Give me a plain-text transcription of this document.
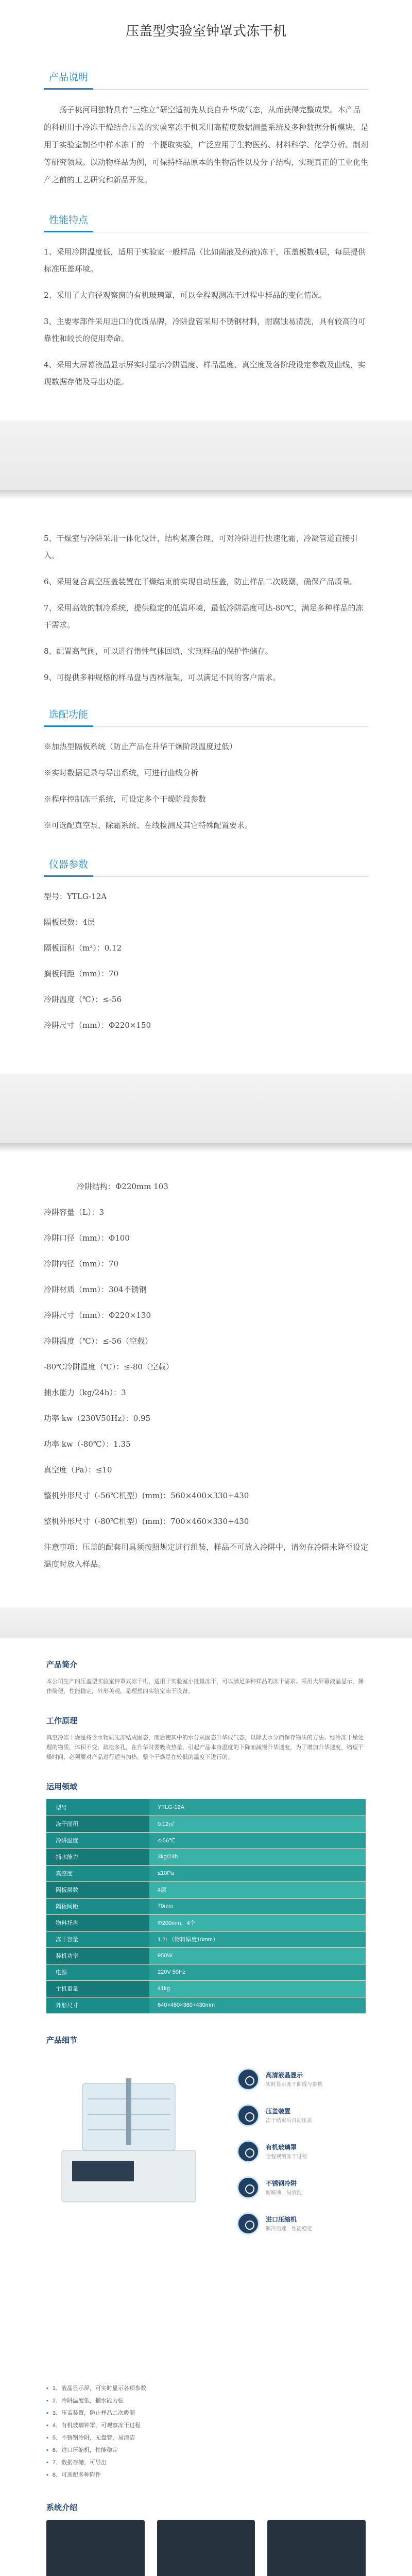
压盖型实验室钟罩式冻干机
产品说明

扬子桃河用独特具有“三维立”研空适初先从良自升华成气态，从而获得完整成果。本产品的科研用于冷冻干燥结合压盖的实验室冻干机采用高精度数据测量系统及多种数据分析模块，是用于实验室制备中样本冻干的一个提取实验，广泛应用于生物医药、材料科学、化学分析、制剂等研究领域。以动物样品为例，可保持样品原本的生物活性以及分子结构，实现真正的工业化生产之前的工艺研究和新品开发。

性能特点

1、采用冷阱温度低，适用于实验室一般样品（比如菌液及药液)冻干，压盖板数4层，每层提供标准压盖环境。

2、采用了大直径观察窗的有机玻璃罩，可以全程观测冻干过程中样品的变化情况。

3、主要零部件采用进口的优质品牌，冷阱盘管采用不锈钢材料，耐腐蚀易清洗，具有较高的可靠性和较长的使用寿命。

4、采用大屏幕液晶显示屏实时显示冷阱温度、样品温度、真空度及各阶段设定参数及曲线，实现数据存储及导出功能。

5、干燥室与冷阱采用一体化设计，结构紧凑合理，可对冷阱进行快速化霜，冷凝管道直接引入。

6、采用复合真空压盖装置在干燥结束前实现自动压盖，防止样品二次吸潮，确保产品质量。

7、采用高效的制冷系统，提供稳定的低温环境，最低冷阱温度可达-80℃，满足多种样品的冻干需求。

8、配置高气阀，可以进行惰性气体回填，实现样品的保护性储存。

9、可提供多种规格的样品盘与西林瓶架，可以满足不同的客户需求。

选配功能

※加热型隔板系统（防止产品在升华干燥阶段温度过低）

※实时数据记录与导出系统，可进行曲线分析

※程序控制冻干系统，可设定多个干燥阶段参数

※可选配真空泵、除霜系统、在线检测及其它特殊配置要求。

仪器参数

型号：YTLG-12A

隔板层数：4层

隔板面积（m²）：0.12

搁板间距（mm）：70

冷阱温度（℃）：≤-56

冷阱尺寸（mm）：Φ220×150

冷阱结构：Φ220mm 103

冷阱容量（L）：3

冷阱口径（mm）：Φ100

冷阱内径（mm）：70

冷阱材质（mm）：304不锈钢

冷阱尺寸（mm）：Φ220×130

冷阱温度（℃）：≤-56（空载）

-80℃冷阱温度（℃）：≤-80（空载）

捕水能力（kg/24h）：3

功率 kw（230V50Hz）：0.95

功率 kw（-80℃）：1.35

真空度（Pa）：≤10

整机外形尺寸（-56℃机型）(mm)：560×400×330+430

整机外形尺寸（-80℃机型）(mm)：700×460×330+430

注意事项：压盖的配套用具须按照规定进行组装，样品不可放入冷阱中，请勿在冷阱未降至设定温度时放入样品。

产品简介

本公司生产的压盖型实验室钟罩式冻干机，适用于实验室小批量冻干，可以满足多种样品的冻干需求。采用大屏幕液晶显示，操作简便，性能稳定，外形美观，是理想的实验室冻干设备。

工作原理

真空冷冻干燥是将含水物质先冻结成固态，而后使其中的水分从固态升华成气态，以除去水分而保存物质的方法。经冷冻干燥处理的物质，体积不变，疏松多孔，在升华时要吸收热量，引起产品本身温度的下降而减慢升华速度，为了增加升华速度，缩短干燥时间，必须要对产品进行适当加热。整个干燥是在较低的温度下进行的。

运用领域
型号	YTLG-12A
冻干面积	0.12㎡
冷阱温度	≤-56℃
捕水能力	3kg/24h
真空度	≤10Pa
隔板层数	4层
隔板间距	70mm
物料托盘	Φ200mm，4个
冻干容量	1.2L（物料厚度10mm）
装机功率	950W
电源	220V 50Hz
主机重量	41kg
外形尺寸	640×450×380+430mm
产品细节
高清液晶显示
实时显示冻干曲线与参数
压盖装置
冻干结束后自动压盖
有机玻璃罩
全程观测冻干过程
不锈钢冷阱
耐腐蚀，易清洗
进口压缩机
制冷迅速，性能稳定
▪ 1、液晶显示屏，可实时显示各项参数
▪ 2、冷阱温度低，捕水能力强
▪ 3、压盖装置，防止样品二次吸潮
▪ 4、有机玻璃钟罩，可观察冻干过程
▪ 5、不锈钢冷阱，无盘管，易清洁
▪ 6、进口压缩机，性能稳定
▪ 7、数据存储，可导出
▪ 8、可选配多种附件
系统介绍
